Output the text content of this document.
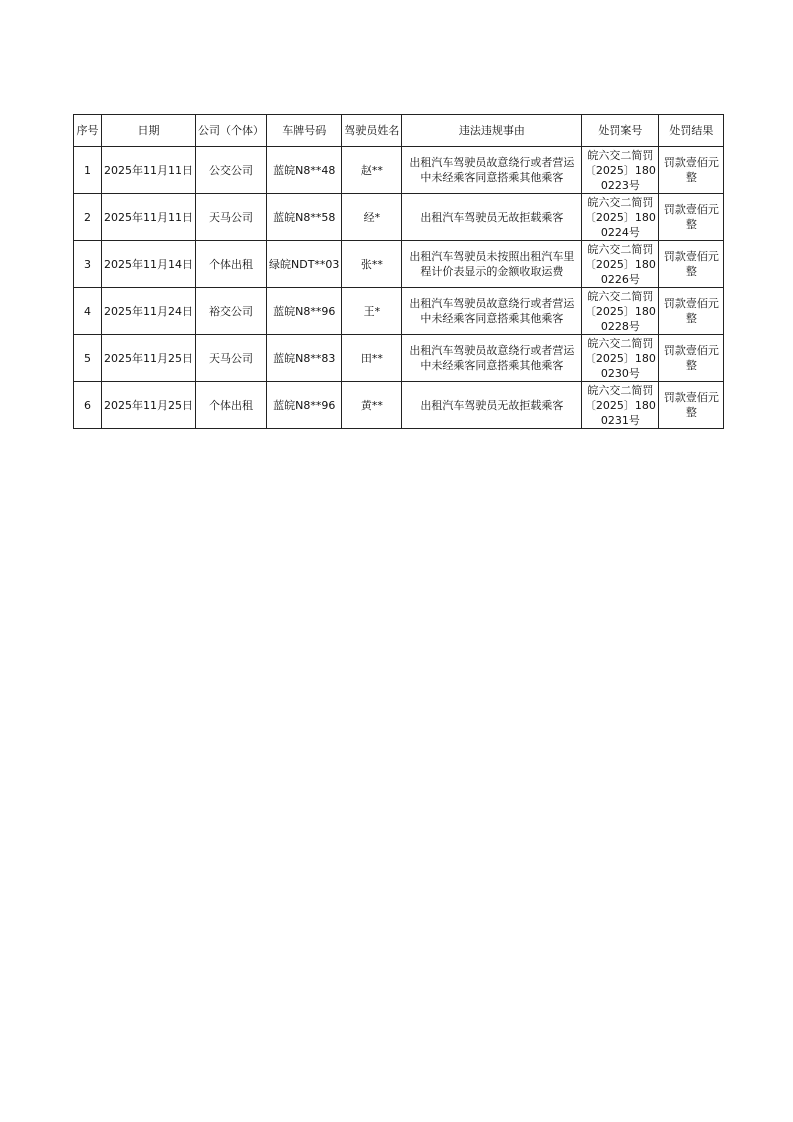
序号	日期	公司（个体）	车牌号码	驾驶员姓名	违法违规事由	处罚案号	处罚结果
1	2025年11月11日	公交公司	蓝皖N8**48	赵**	出租汽车驾驶员故意绕行或者营运中未经乘客同意搭乘其他乘客	皖六交二简罚〔2025〕1800223号	罚款壹佰元整
2	2025年11月11日	天马公司	蓝皖N8**58	经*	出租汽车驾驶员无故拒载乘客	皖六交二简罚〔2025〕1800224号	罚款壹佰元整
3	2025年11月14日	个体出租	绿皖NDT**03	张**	出租汽车驾驶员未按照出租汽车里程计价表显示的金额收取运费	皖六交二简罚〔2025〕1800226号	罚款壹佰元整
4	2025年11月24日	裕交公司	蓝皖N8**96	王*	出租汽车驾驶员故意绕行或者营运中未经乘客同意搭乘其他乘客	皖六交二简罚〔2025〕1800228号	罚款壹佰元整
5	2025年11月25日	天马公司	蓝皖N8**83	田**	出租汽车驾驶员故意绕行或者营运中未经乘客同意搭乘其他乘客	皖六交二简罚〔2025〕1800230号	罚款壹佰元整
6	2025年11月25日	个体出租	蓝皖N8**96	黄**	出租汽车驾驶员无故拒载乘客	皖六交二简罚〔2025〕1800231号	罚款壹佰元整
